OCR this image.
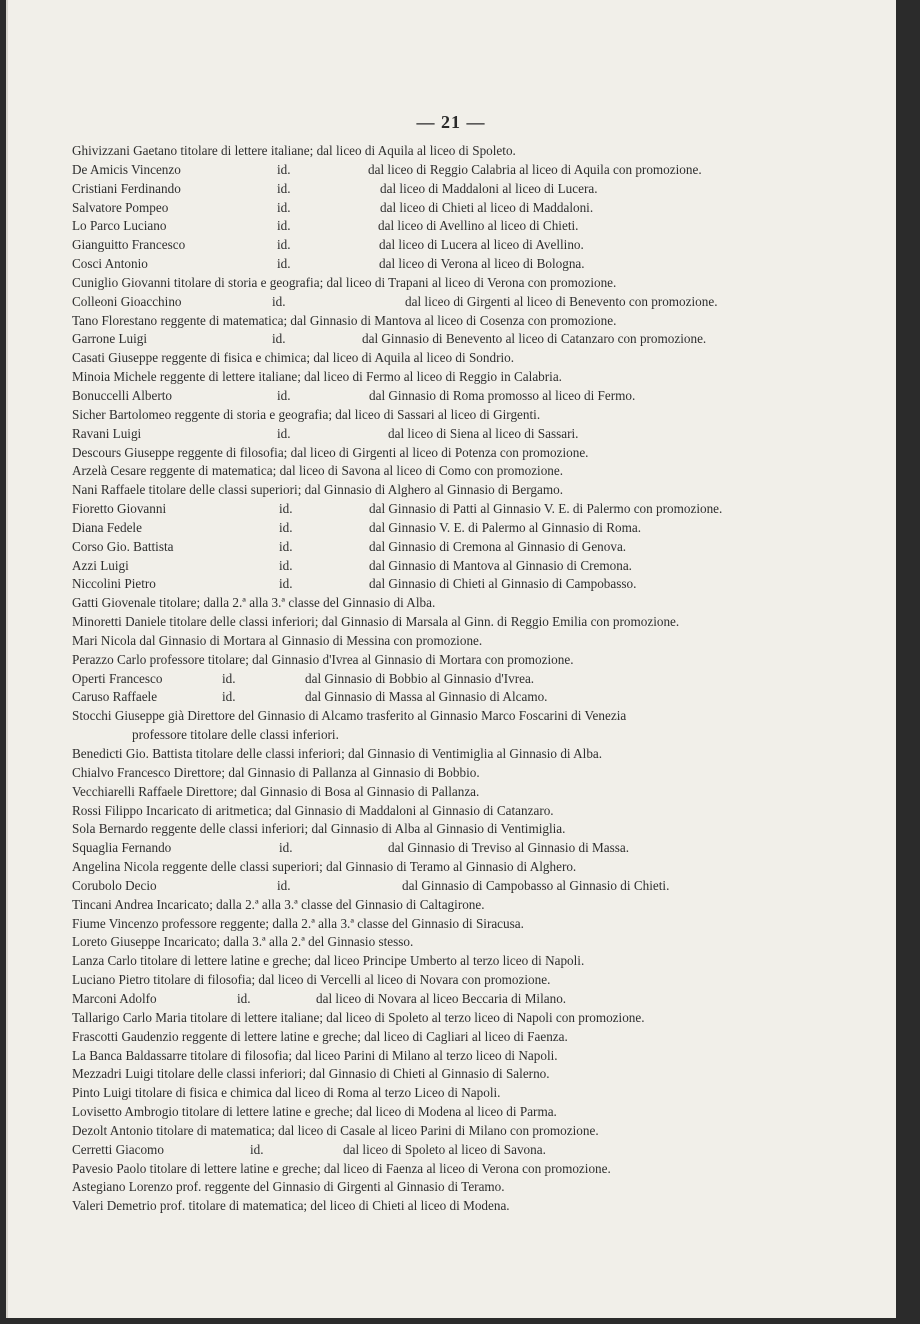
— 21 —
Ghivizzani Gaetano titolare di lettere italiane; dal liceo di Aquila al liceo di Spoleto.
De Amicis Vincenzo	id.	dal liceo di Reggio Calabria al liceo di Aquila con promozione.
Cristiani Ferdinando	id.	dal liceo di Maddaloni al liceo di Lucera.
Salvatore Pompeo	id.	dal liceo di Chieti al liceo di Maddaloni.
Lo Parco Luciano	id.	dal liceo di Avellino al liceo di Chieti.
Gianguitto Francesco	id.	dal liceo di Lucera al liceo di Avellino.
Cosci Antonio	id.	dal liceo di Verona al liceo di Bologna.
Cuniglio Giovanni titolare di storia e geografia; dal liceo di Trapani al liceo di Verona con promozione.
Colleoni Gioacchino	id.	dal liceo di Girgenti al liceo di Benevento con promozione.
Tano Florestano reggente di matematica; dal Ginnasio di Mantova al liceo di Cosenza con promozione.
Garrone Luigi	id.	dal Ginnasio di Benevento al liceo di Catanzaro con promozione.
Casati Giuseppe reggente di fisica e chimica; dal liceo di Aquila al liceo di Sondrio.
Minoia Michele reggente di lettere italiane; dal liceo di Fermo al liceo di Reggio in Calabria.
Bonuccelli Alberto	id.	dal Ginnasio di Roma promosso al liceo di Fermo.
Sicher Bartolomeo reggente di storia e geografia; dal liceo di Sassari al liceo di Girgenti.
Ravani Luigi	id.	dal liceo di Siena al liceo di Sassari.
Descours Giuseppe reggente di filosofia; dal liceo di Girgenti al liceo di Potenza con promozione.
Arzelà Cesare reggente di matematica; dal liceo di Savona al liceo di Como con promozione.
Nani Raffaele titolare delle classi superiori; dal Ginnasio di Alghero al Ginnasio di Bergamo.
Fioretto Giovanni	id.	dal Ginnasio di Patti al Ginnasio V. E. di Palermo con promozione.
Diana Fedele	id.	dal Ginnasio V. E. di Palermo al Ginnasio di Roma.
Corso Gio. Battista	id.	dal Ginnasio di Cremona al Ginnasio di Genova.
Azzi Luigi	id.	dal Ginnasio di Mantova al Ginnasio di Cremona.
Niccolini Pietro	id.	dal Ginnasio di Chieti al Ginnasio di Campobasso.
Gatti Giovenale titolare; dalla 2.ª alla 3.ª classe del Ginnasio di Alba.
Minoretti Daniele titolare delle classi inferiori; dal Ginnasio di Marsala al Ginn. di Reggio Emilia con promozione.
Mari Nicola dal Ginnasio di Mortara al Ginnasio di Messina con promozione.
Perazzo Carlo professore titolare; dal Ginnasio d'Ivrea al Ginnasio di Mortara con promozione.
Operti Francesco	id.	dal Ginnasio di Bobbio al Ginnasio d'Ivrea.
Caruso Raffaele	id.	dal Ginnasio di Massa al Ginnasio di Alcamo.
Stocchi Giuseppe già Direttore del Ginnasio di Alcamo trasferito al Ginnasio Marco Foscarini di Venezia
professore titolare delle classi inferiori.
Benedicti Gio. Battista titolare delle classi inferiori; dal Ginnasio di Ventimiglia al Ginnasio di Alba.
Chialvo Francesco Direttore; dal Ginnasio di Pallanza al Ginnasio di Bobbio.
Vecchiarelli Raffaele Direttore; dal Ginnasio di Bosa al Ginnasio di Pallanza.
Rossi Filippo Incaricato di aritmetica; dal Ginnasio di Maddaloni al Ginnasio di Catanzaro.
Sola Bernardo reggente delle classi inferiori; dal Ginnasio di Alba al Ginnasio di Ventimiglia.
Squaglia Fernando	id.	dal Ginnasio di Treviso al Ginnasio di Massa.
Angelina Nicola reggente delle classi superiori; dal Ginnasio di Teramo al Ginnasio di Alghero.
Corubolo Decio	id.	dal Ginnasio di Campobasso al Ginnasio di Chieti.
Tincani Andrea Incaricato; dalla 2.ª alla 3.ª classe del Ginnasio di Caltagirone.
Fiume Vincenzo professore reggente; dalla 2.ª alla 3.ª classe del Ginnasio di Siracusa.
Loreto Giuseppe Incaricato; dalla 3.ª alla 2.ª del Ginnasio stesso.
Lanza Carlo titolare di lettere latine e greche; dal liceo Principe Umberto al terzo liceo di Napoli.
Luciano Pietro titolare di filosofia; dal liceo di Vercelli al liceo di Novara con promozione.
Marconi Adolfo	id.	dal liceo di Novara al liceo Beccaria di Milano.
Tallarigo Carlo Maria titolare di lettere italiane; dal liceo di Spoleto al terzo liceo di Napoli con promozione.
Frascotti Gaudenzio reggente di lettere latine e greche; dal liceo di Cagliari al liceo di Faenza.
La Banca Baldassarre titolare di filosofia; dal liceo Parini di Milano al terzo liceo di Napoli.
Mezzadri Luigi titolare delle classi inferiori; dal Ginnasio di Chieti al Ginnasio di Salerno.
Pinto Luigi titolare di fisica e chimica dal liceo di Roma al terzo Liceo di Napoli.
Lovisetto Ambrogio titolare di lettere latine e greche; dal liceo di Modena al liceo di Parma.
Dezolt Antonio titolare di matematica; dal liceo di Casale al liceo Parini di Milano con promozione.
Cerretti Giacomo	id.	dal liceo di Spoleto al liceo di Savona.
Pavesio Paolo titolare di lettere latine e greche; dal liceo di Faenza al liceo di Verona con promozione.
Astegiano Lorenzo prof. reggente del Ginnasio di Girgenti al Ginnasio di Teramo.
Valeri Demetrio prof. titolare di matematica; del liceo di Chieti al liceo di Modena.
